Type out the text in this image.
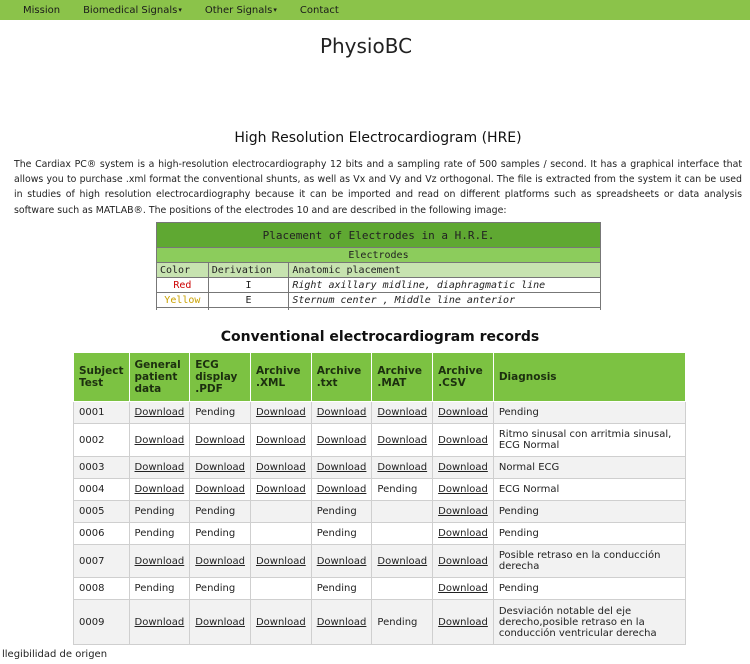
Mission Biomedical Signals ▾ Other Signals ▾ Contact
PhysioBC
High Resolution Electrocardiogram (HRE)
The Cardiax PC® system is a high-resolution electrocardiography 12 bits and a sampling rate of 500 samples / second. It has a graphical interface that allows you to purchase .xml format the conventional shunts, as well as Vx and Vy and Vz orthogonal. The file is extracted from the system it can be used in studies of high resolution electrocardiography because it can be imported and read on different platforms such as spreadsheets or data analysis software such as MATLAB®. The positions of the electrodes 10 and are described in the following image:
Placement of Electrodes in a H.R.E.		
Electrodes		
Color	Derivation	Anatomic placement
Red	I	Right axillary midline, diaphragmatic line
Yellow	E	Sternum center , Middle line anterior

Conventional electrocardiogram records
Subject Test	General patient data	ECG display .PDF	Archive .XML	Archive .txt	Archive .MAT	Archive .CSV	Diagnosis
0001	Download	Pending	Download	Download	Download	Download	Pending
0002	Download	Download	Download	Download	Download	Download	Ritmo sinusal con arritmia sinusal, ECG Normal
0003	Download	Download	Download	Download	Download	Download	Normal ECG
0004	Download	Download	Download	Download	Pending	Download	ECG Normal
0005	Pending	Pending		Pending		Download	Pending
0006	Pending	Pending		Pending		Download	Pending
0007	Download	Download	Download	Download	Download	Download	Posible retraso en la conducción derecha
0008	Pending	Pending		Pending		Download	Pending
0009	Download	Download	Download	Download	Pending	Download	Desviación notable del eje derecho,posible retraso en la conducción ventricular derecha
llegibilidad de origen
